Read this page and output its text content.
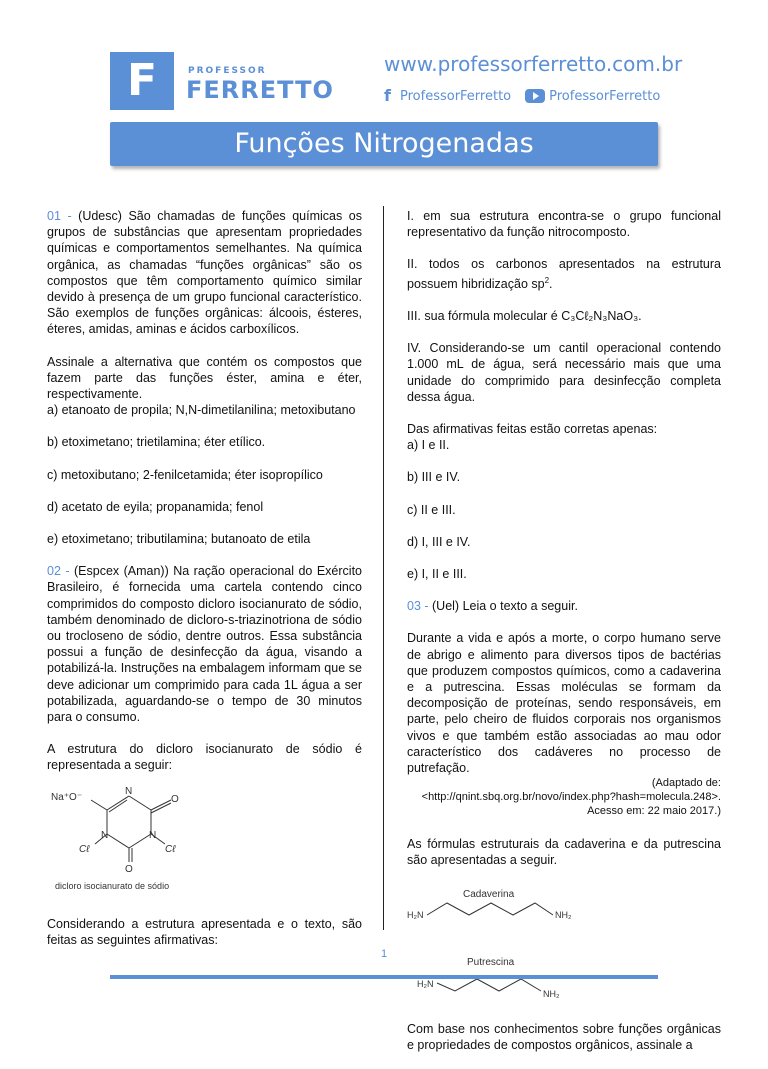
F	PROFESSOR
FERRETTO
www.professorferretto.com.br
f ProfessorFerretto	ProfessorFerretto
Funções Nitrogenadas

01 - (Udesc) São chamadas de funções químicas os grupos de substâncias que apresentam propriedades químicas e comportamentos semelhantes. Na química orgânica, as chamadas “funções orgânicas” são os compostos que têm comportamento químico similar devido à presença de um grupo funcional característico. São exemplos de funções orgânicas: álcoois, ésteres, éteres, amidas, aminas e ácidos carboxílicos.

Assinale a alternativa que contém os compostos que fazem parte das funções éster, amina e éter, respectivamente.

a) etanoato de propila; N,N-dimetilanilina; metoxibutano

b) etoximetano; trietilamina; éter etílico.

c) metoxibutano; 2-fenilcetamida; éter isopropílico

d) acetato de eyila; propanamida; fenol

e) etoximetano; tributilamina; butanoato de etila

02 - (Espcex (Aman)) Na ração operacional do Exército Brasileiro, é fornecida uma cartela contendo cinco comprimidos do composto dicloro isocianurato de sódio, também denominado de dicloro-s-triazinotriona de sódio ou trocloseno de sódio, dentre outros. Essa substância possui a função de desinfecção da água, visando a potabilizá-la. Instruções na embalagem informam que se deve adicionar um comprimido para cada 1L água a ser potabilizada, aguardando-se o tempo de 30 minutos para o consumo.

A estrutura do dicloro isocianurato de sódio é representada a seguir:

Na⁺O⁻
N
O
O
N	N
Cℓ	Cℓ
dicloro isocianurato de sódio

Considerando a estrutura apresentada e o texto, são feitas as seguintes afirmativas:

I. em sua estrutura encontra-se o grupo funcional representativo da função nitrocomposto.

II. todos os carbonos apresentados na estrutura possuem hibridização $sp^2$.

III. sua fórmula molecular é C₃Cℓ₂N₃NaO₃.

IV. Considerando-se um cantil operacional contendo 1.000 mL de água, será necessário mais que uma unidade do comprimido para desinfecção completa dessa água.

Das afirmativas feitas estão corretas apenas:

a) I e II.

b) III e IV.

c) II e III.

d) I, III e IV.

e) I, II e III.

03 - (Uel) Leia o texto a seguir.

Durante a vida e após a morte, o corpo humano serve de abrigo e alimento para diversos tipos de bactérias que produzem compostos químicos, como a cadaverina e a putrescina. Essas moléculas se formam da decomposição de proteínas, sendo responsáveis, em parte, pelo cheiro de fluidos corporais nos organismos vivos e que também estão associadas ao mau odor característico dos cadáveres no processo de putrefação.

(Adaptado de:
<http://qnint.sbq.org.br/novo/index.php?hash=molecula.248>.
Acesso em: 22 maio 2017.)

As fórmulas estruturais da cadaverina e da putrescina são apresentadas a seguir.

Cadaverina
H₂N	NH₂
Putrescina
H₂N
NH₂

Com base nos conhecimentos sobre funções orgânicas e propriedades de compostos orgânicos, assinale a

1
